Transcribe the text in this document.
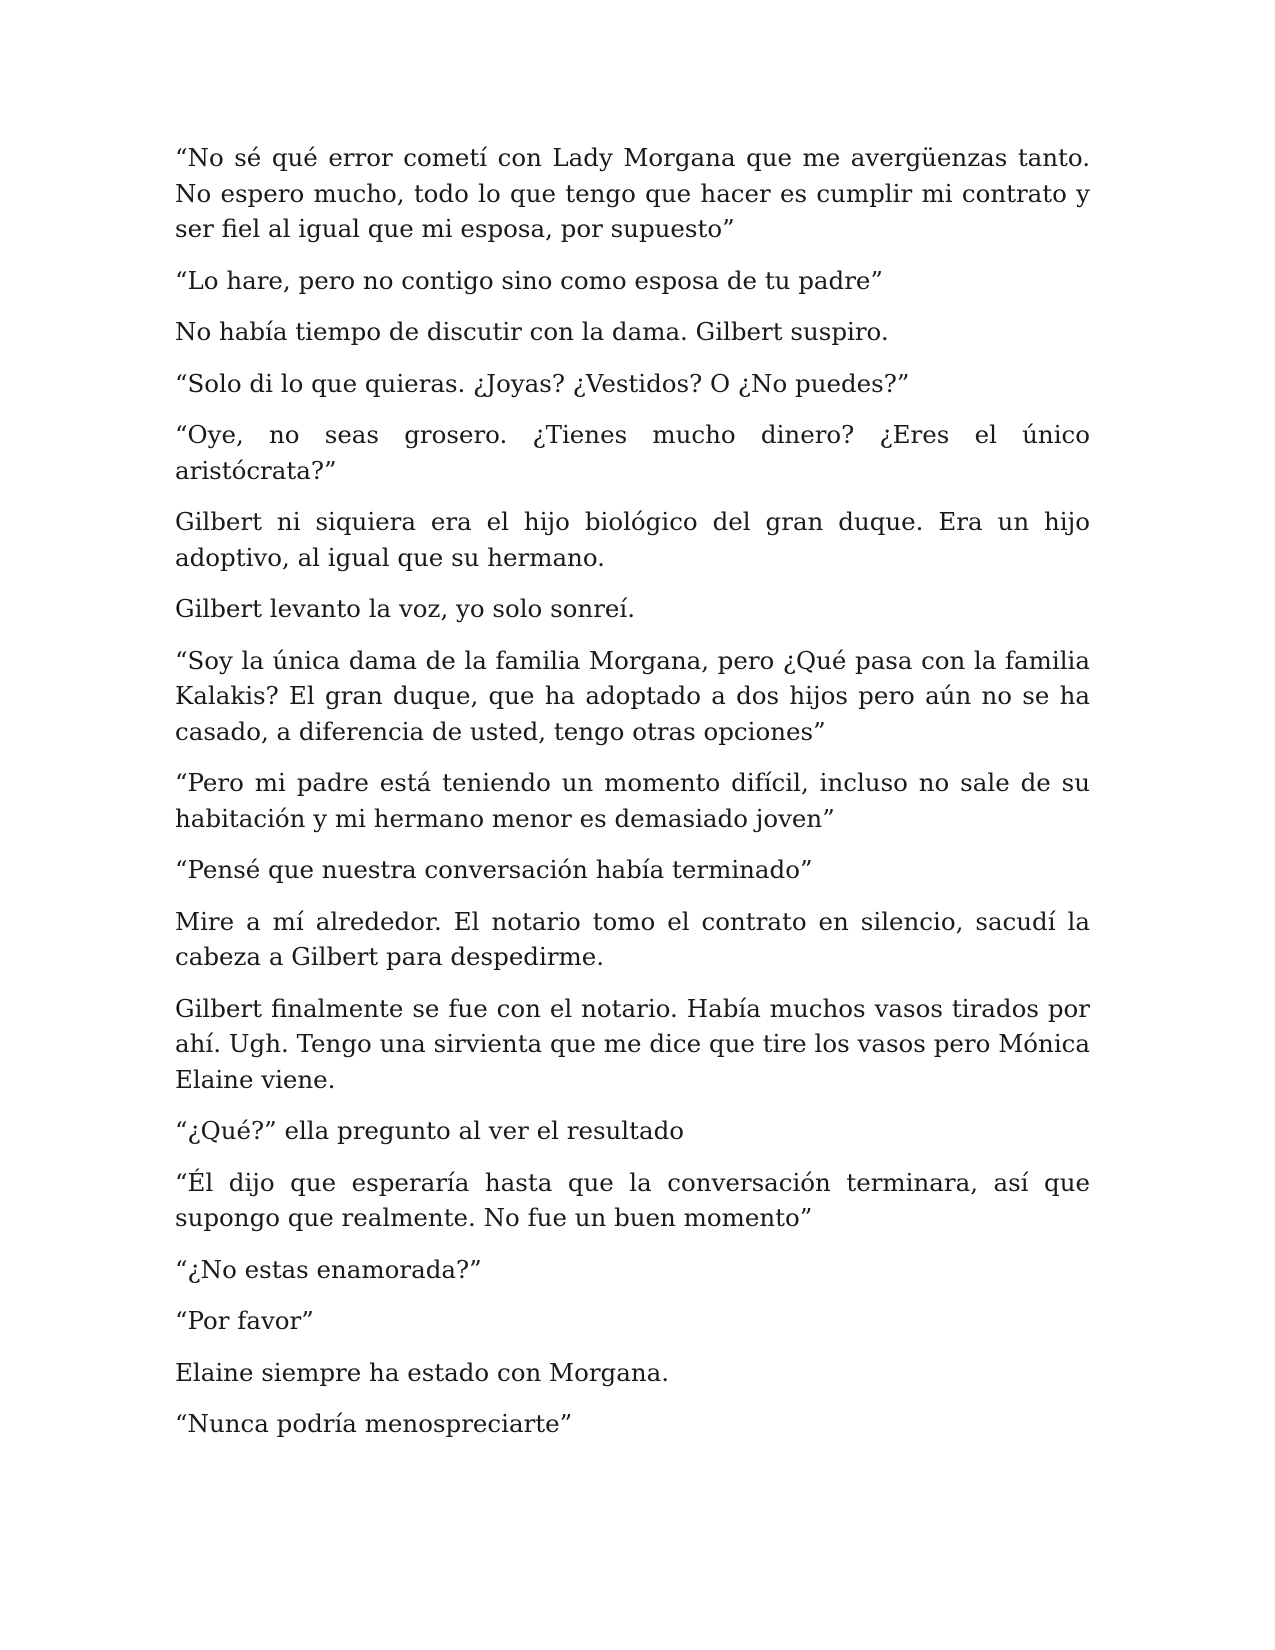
“No sé qué error cometí con Lady Morgana que me avergüenzas tanto. No espero mucho, todo lo que tengo que hacer es cumplir mi contrato y ser fiel al igual que mi esposa, por supuesto”

“Lo hare, pero no contigo sino como esposa de tu padre”

No había tiempo de discutir con la dama. Gilbert suspiro.

“Solo di lo que quieras. ¿Joyas? ¿Vestidos? O ¿No puedes?”

“Oye, no seas grosero. ¿Tienes mucho dinero? ¿Eres el único aristócrata?”

Gilbert ni siquiera era el hijo biológico del gran duque. Era un hijo adoptivo, al igual que su hermano.

Gilbert levanto la voz, yo solo sonreí.

“Soy la única dama de la familia Morgana, pero ¿Qué pasa con la familia Kalakis? El gran duque, que ha adoptado a dos hijos pero aún no se ha casado, a diferencia de usted, tengo otras opciones”

“Pero mi padre está teniendo un momento difícil, incluso no sale de su habitación y mi hermano menor es demasiado joven”

“Pensé que nuestra conversación había terminado”

Mire a mí alrededor. El notario tomo el contrato en silencio, sacudí la cabeza a Gilbert para despedirme.

Gilbert finalmente se fue con el notario. Había muchos vasos tirados por ahí. Ugh. Tengo una sirvienta que me dice que tire los vasos pero Mónica Elaine viene.

“¿Qué?” ella pregunto al ver el resultado

“Él dijo que esperaría hasta que la conversación terminara, así que supongo que realmente. No fue un buen momento”

“¿No estas enamorada?”

“Por favor”

Elaine siempre ha estado con Morgana.

“Nunca podría menospreciarte”
